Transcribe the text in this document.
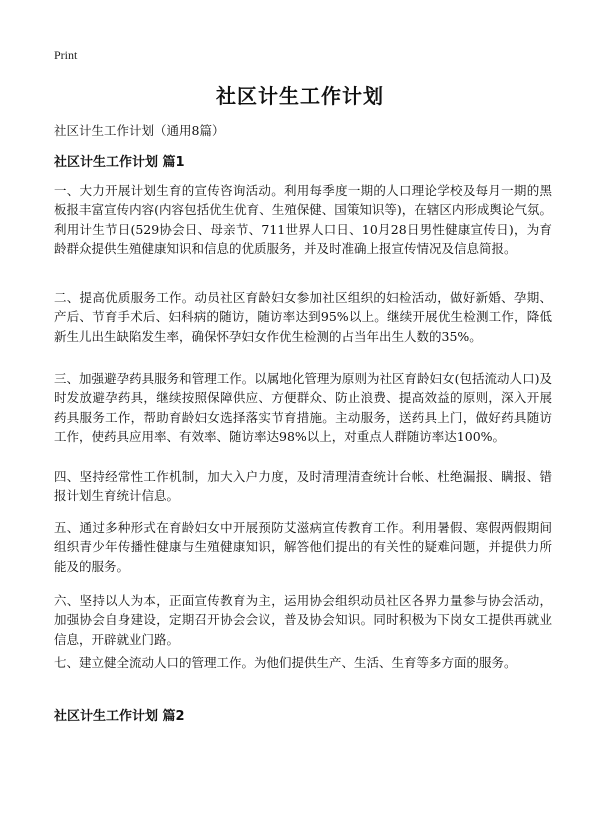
Print
社区计生工作计划
社区计生工作计划（通用8篇）
社区计生工作计划 篇1
一、大力开展计划生育的宣传咨询活动。利用每季度一期的人口理论学校及每月一期的黑板报丰富宣传内容(内容包括优生优育、生殖保健、国策知识等)，在辖区内形成舆论气氛。利用计生节日(529协会日、母亲节、711世界人口日、10月28日男性健康宣传日)，为育龄群众提供生殖健康知识和信息的优质服务，并及时准确上报宣传情况及信息简报。
二、提高优质服务工作。动员社区育龄妇女参加社区组织的妇检活动，做好新婚、孕期、产后、节育手术后、妇科病的随访，随访率达到95%以上。继续开展优生检测工作，降低新生儿出生缺陷发生率，确保怀孕妇女作优生检测的占当年出生人数的35%。
三、加强避孕药具服务和管理工作。以属地化管理为原则为社区育龄妇女(包括流动人口)及时发放避孕药具，继续按照保障供应、方便群众、防止浪费、提高效益的原则，深入开展药具服务工作，帮助育龄妇女选择落实节育措施。主动服务，送药具上门，做好药具随访工作，使药具应用率、有效率、随访率达98%以上，对重点人群随访率达100%。
四、坚持经常性工作机制，加大入户力度，及时清理清查统计台帐、杜绝漏报、瞒报、错报计划生育统计信息。
五、通过多种形式在育龄妇女中开展预防艾滋病宣传教育工作。利用暑假、寒假两假期间组织青少年传播性健康与生殖健康知识，解答他们提出的有关性的疑难问题，并提供力所能及的服务。
六、坚持以人为本，正面宣传教育为主，运用协会组织动员社区各界力量参与协会活动，加强协会自身建设，定期召开协会会议，普及协会知识。同时积极为下岗女工提供再就业信息，开辟就业门路。
七、建立健全流动人口的管理工作。为他们提供生产、生活、生育等多方面的服务。
社区计生工作计划 篇2
